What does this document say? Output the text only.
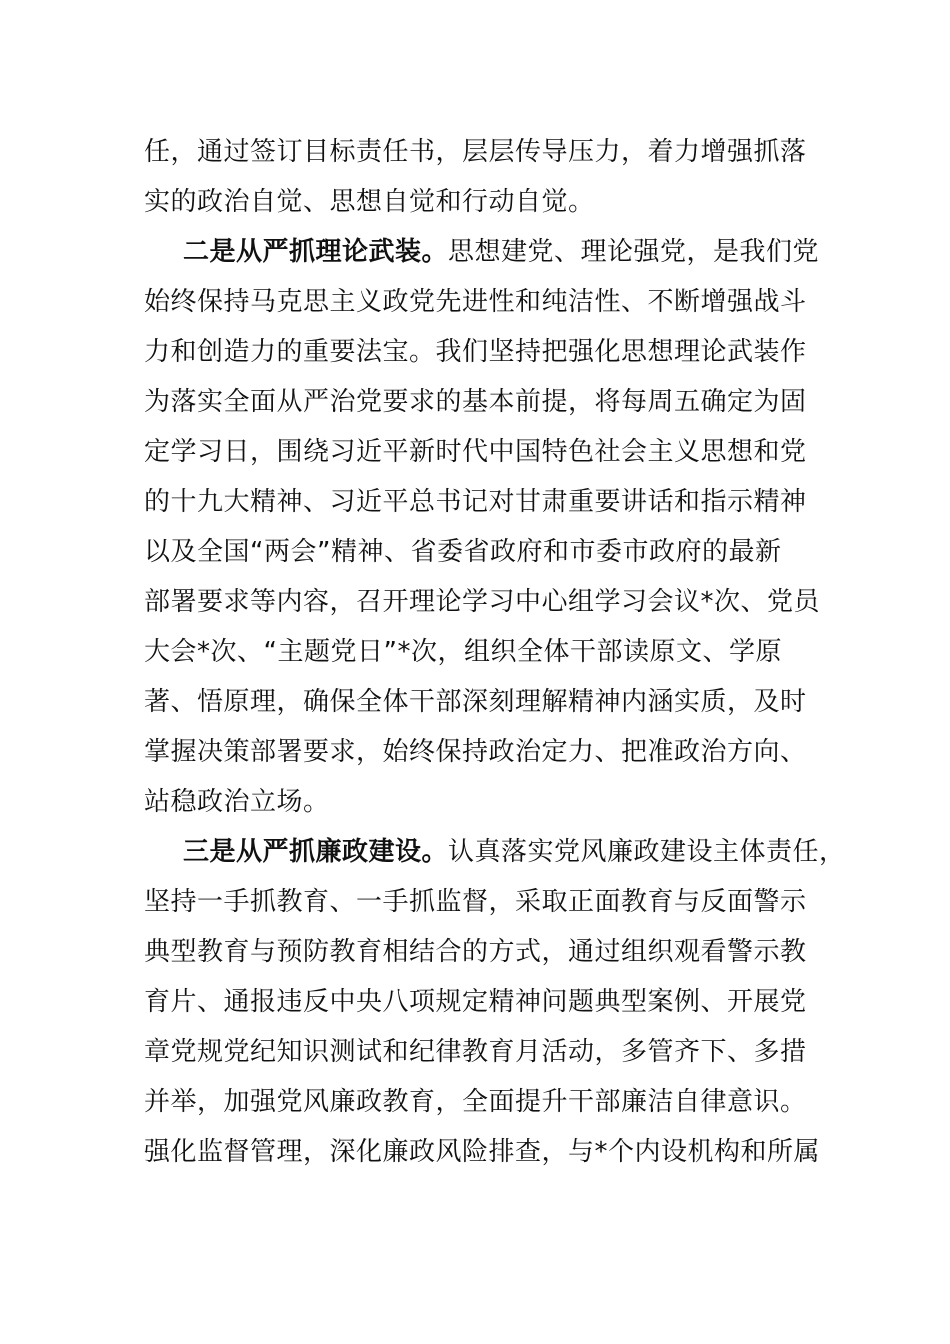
任，通过签订目标责任书，层层传导压力，着力增强抓落
实的政治自觉、思想自觉和行动自觉。
二是从严抓理论武装。思想建党、理论强党，是我们党
始终保持马克思主义政党先进性和纯洁性、不断增强战斗
力和创造力的重要法宝。我们坚持把强化思想理论武装作
为落实全面从严治党要求的基本前提，将每周五确定为固
定学习日，围绕习近平新时代中国特色社会主义思想和党
的十九大精神、习近平总书记对甘肃重要讲话和指示精神
以及全国“两会”精神、省委省政府和市委市政府的最新
部署要求等内容，召开理论学习中心组学习会议*次、党员
大会*次、“主题党日”*次，组织全体干部读原文、学原
著、悟原理，确保全体干部深刻理解精神内涵实质，及时
掌握决策部署要求，始终保持政治定力、把准政治方向、
站稳政治立场。
三是从严抓廉政建设。认真落实党风廉政建设主体责任，
坚持一手抓教育、一手抓监督，采取正面教育与反面警示
典型教育与预防教育相结合的方式，通过组织观看警示教
育片、通报违反中央八项规定精神问题典型案例、开展党
章党规党纪知识测试和纪律教育月活动，多管齐下、多措
并举，加强党风廉政教育，全面提升干部廉洁自律意识。
强化监督管理，深化廉政风险排查，与*个内设机构和所属
